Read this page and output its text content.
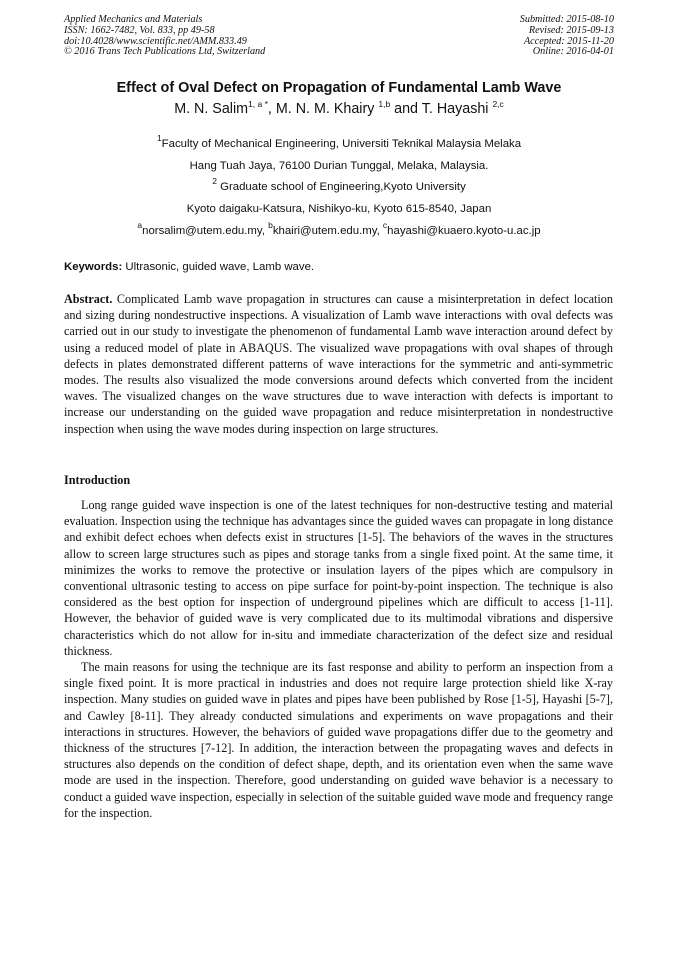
Applied Mechanics and Materials
ISSN: 1662-7482, Vol. 833, pp 49-58
doi:10.4028/www.scientific.net/AMM.833.49
© 2016 Trans Tech Publications Ltd, Switzerland
Submitted: 2015-08-10
Revised: 2015-09-13
Accepted: 2015-11-20
Online: 2016-04-01
Effect of Oval Defect on Propagation of Fundamental Lamb Wave
M. N. Salim$^{1, a *}$, M. N. M. Khairy $^{1,b}$ and T. Hayashi $^{2,c}$
$^1$Faculty of Mechanical Engineering, Universiti Teknikal Malaysia Melaka
Hang Tuah Jaya, 76100 Durian Tunggal, Melaka, Malaysia.
$^2$ Graduate school of Engineering,Kyoto University
Kyoto daigaku-Katsura, Nishikyo-ku, Kyoto 615-8540, Japan
$^a$norsalim@utem.edu.my, $^b$khairi@utem.edu.my, $^c$hayashi@kuaero.kyoto-u.ac.jp
Keywords: Ultrasonic, guided wave, Lamb wave.

Abstract. Complicated Lamb wave propagation in structures can cause a misinterpretation in defect location and sizing during nondestructive inspections. A visualization of Lamb wave interactions with oval defects was carried out in our study to investigate the phenomenon of fundamental Lamb wave interaction around defect by using a reduced model of plate in ABAQUS. The visualized wave propagations with oval shapes of through defects in plates demonstrated different patterns of wave interactions for the symmetric and anti-symmetric modes. The results also visualized the mode conversions around defects which converted from the incident waves. The visualized changes on the wave structures due to wave interaction with defects is important to increase our understanding on the guided wave propagation and reduce misinterpretation in nondestructive inspection when using the wave modes during inspection on large structures.

Introduction

Long range guided wave inspection is one of the latest techniques for non-destructive testing and material evaluation. Inspection using the technique has advantages since the guided waves can propagate in long distance and exhibit defect echoes when defects exist in structures [1-5]. The behaviors of the waves in the structures allow to screen large structures such as pipes and storage tanks from a single fixed point. At the same time, it minimizes the works to remove the protective or insulation layers of the pipes which are compulsory in conventional ultrasonic testing to access on pipe surface for point-by-point inspection. The technique is also considered as the best option for inspection of underground pipelines which are difficult to access [1-11]. However, the behavior of guided wave is very complicated due to its multimodal vibrations and dispersive characteristics which do not allow for in-situ and immediate characterization of the defect size and residual thickness.

The main reasons for using the technique are its fast response and ability to perform an inspection from a single fixed point. It is more practical in industries and does not require large protection shield like X-ray inspection. Many studies on guided wave in plates and pipes have been published by Rose [1-5], Hayashi [5-7], and Cawley [8-11]. They already conducted simulations and experiments on wave propagations and their interactions in structures. However, the behaviors of guided wave propagations differ due to the geometry and thickness of the structures [7-12]. In addition, the interaction between the propagating waves and defects in structures also depends on the condition of defect shape, depth, and its orientation even when the same wave mode are used in the inspection. Therefore, good understanding on guided wave behavior is a necessary to conduct a guided wave inspection, especially in selection of the suitable guided wave mode and frequency range for the inspection.
